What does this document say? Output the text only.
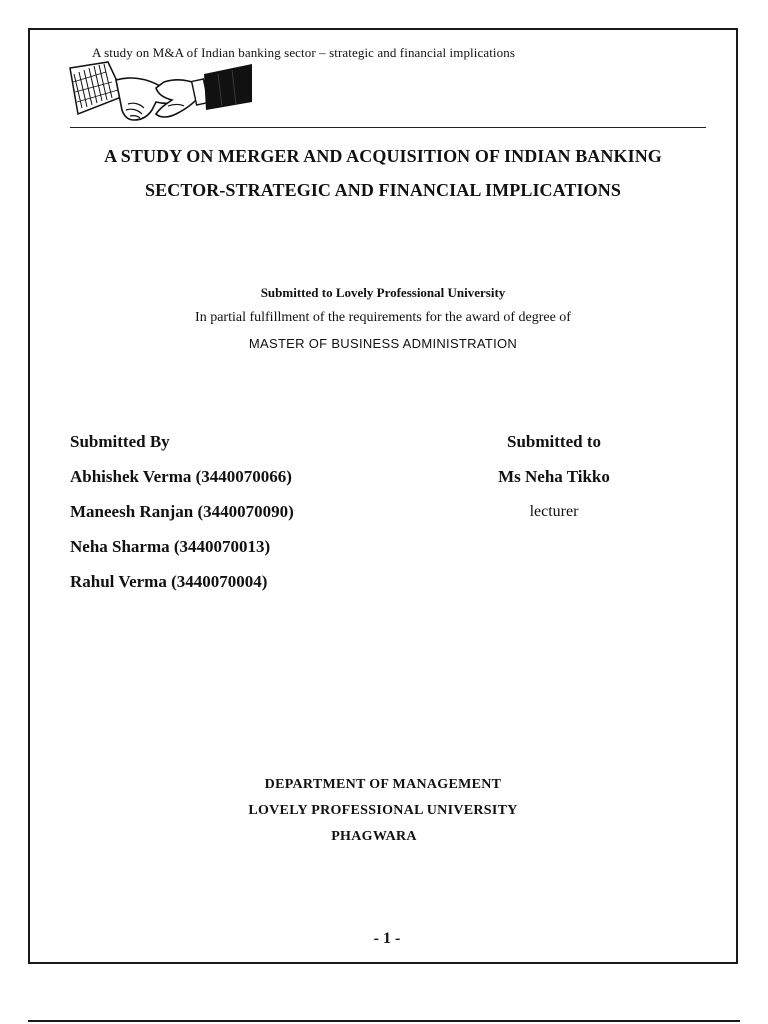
A study on M&A of Indian banking sector – strategic and financial implications
A STUDY ON MERGER AND ACQUISITION OF INDIAN BANKING
SECTOR-STRATEGIC AND FINANCIAL IMPLICATIONS
Submitted to Lovely Professional University
In partial fulfillment of the requirements for the award of degree of
MASTER OF BUSINESS ADMINISTRATION
Submitted By
Abhishek Verma (3440070066)
Maneesh Ranjan (3440070090)
Neha Sharma (3440070013)
Rahul Verma (3440070004)
Submitted to
Ms Neha Tikko
lecturer
DEPARTMENT OF MANAGEMENT
LOVELY PROFESSIONAL UNIVERSITY
PHAGWARA
- 1 -
